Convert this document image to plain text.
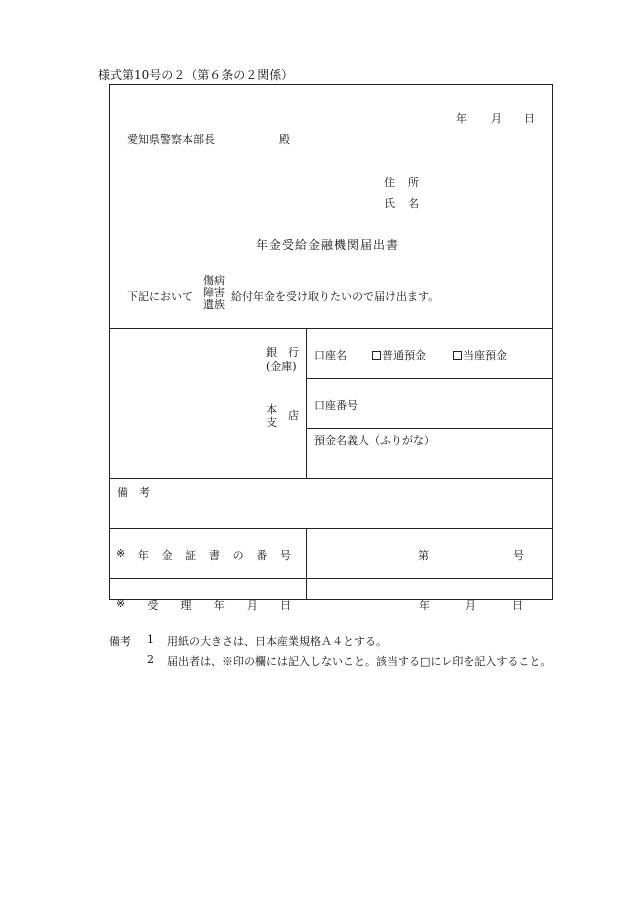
様式第10号の２（第６条の２関係）
年 月 日
愛知県警察本部長	殿
住 所
氏 名
年金受給金融機関届出書
下記において
傷病
障害
遺族
給付年金を受け取りたいので届け出ます。
銀 行
(金庫)
本 店
支
口座名	普通預金	当座預金
口座番号
預金名義人（ふりがな）
備　考
※ 年 金 証 書 の 番 号	第	号
※ 受 理 年 月 日	年	月	日
備考 1 用紙の大きさは、日本産業規格Ａ４とする。
2 届出者は、※印の欄には記入しないこと。該当する□にレ印を記入すること。
